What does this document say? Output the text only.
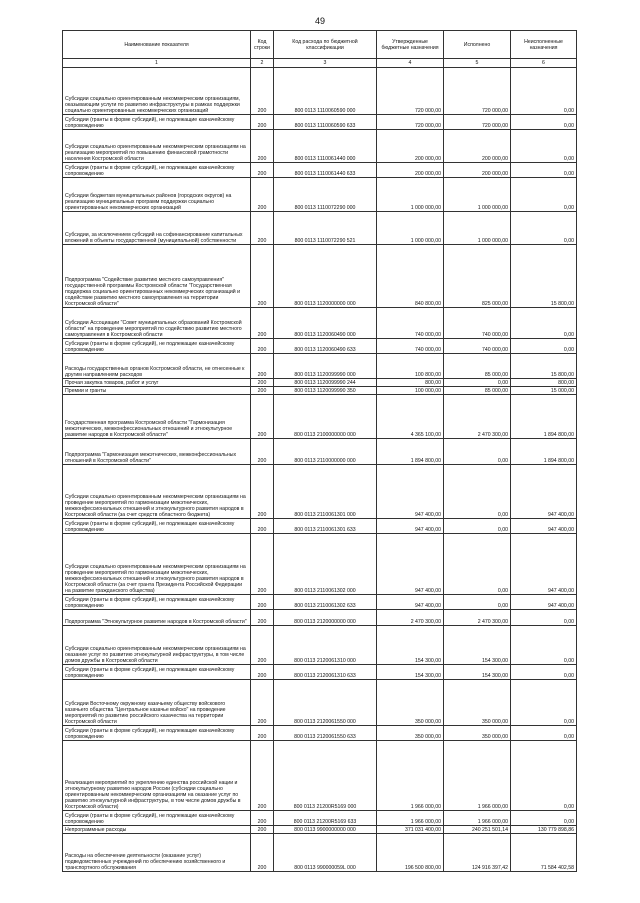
49
Наименование показателя	Код строки	Код расхода по бюджетной классификации	Утвержденные бюджетные назначения	Исполнено	Неисполненные назначения
1	2	3	4	5	6
Субсидии социально ориентированным некоммерческим организациям, оказывающим услуги по развитию инфраструктуры в рамках поддержки социально ориентированных некоммерческих организаций	200	800 0113 1110060590 000	720 000,00	720 000,00	0,00
Субсидии (гранты в форме субсидий), не подлежащие казначейскому сопровождению	200	800 0113 1110060590 633	720 000,00	720 000,00	0,00
Субсидии социально ориентированным некоммерческим организациям на реализацию мероприятий по повышению финансовой грамотности населения Костромской области	200	800 0113 1110061440 000	200 000,00	200 000,00	0,00
Субсидии (гранты в форме субсидий), не подлежащие казначейскому сопровождению	200	800 0113 1110061440 633	200 000,00	200 000,00	0,00
Субсидии бюджетам муниципальных районов (городских округов) на реализацию муниципальных программ поддержки социально ориентированных некоммерческих организаций	200	800 0113 1110072290 000	1 000 000,00	1 000 000,00	0,00
Субсидии, за исключением субсидий на софинансирование капитальных вложений в объекты государственной (муниципальной) собственности	200	800 0113 1110072290 521	1 000 000,00	1 000 000,00	0,00
Подпрограмма "Содействие развитию местного самоуправления" государственной программы Костромской области "Государственная поддержка социально ориентированных некоммерческих организаций и содействие развитию местного самоуправления на территории Костромской области"	200	800 0113 1120000000 000	840 800,00	825 000,00	15 800,00
Субсидии Ассоциации "Совет муниципальных образований Костромской области" на проведение мероприятий по содействию развитию местного самоуправления в Костромской области	200	800 0113 1120060490 000	740 000,00	740 000,00	0,00
Субсидии (гранты в форме субсидий), не подлежащие казначейскому сопровождению	200	800 0113 1120060490 633	740 000,00	740 000,00	0,00
Расходы государственных органов Костромской области, не отнесенные к другим направлениям расходов	200	800 0113 1120099990 000	100 800,00	85 000,00	15 800,00
Прочая закупка товаров, работ и услуг	200	800 0113 1120099990 244	800,00	0,00	800,00
Премии и гранты	200	800 0113 1120099990 350	100 000,00	85 000,00	15 000,00
Государственная программа Костромской области "Гармонизация межэтнических, межконфессиональных отношений и этнокультурное развитие народов в Костромской области"	200	800 0113 2100000000 000	4 365 100,00	2 470 300,00	1 894 800,00
Подпрограмма "Гармонизация межэтнических, межконфессиональных отношений в Костромской области"	200	800 0113 2110000000 000	1 894 800,00	0,00	1 894 800,00
Субсидии социально ориентированным некоммерческим организациям на проведение мероприятий по гармонизации межэтнических, межконфессиональных отношений и этнокультурного развития народов в Костромской области (за счет средств областного бюджета)	200	800 0113 2110061301 000	947 400,00	0,00	947 400,00
Субсидии (гранты в форме субсидий), не подлежащие казначейскому сопровождению	200	800 0113 2110061301 633	947 400,00	0,00	947 400,00
Субсидии социально ориентированным некоммерческим организациям на проведение мероприятий по гармонизации межэтнических, межконфессиональных отношений и этнокультурного развития народов в Костромской области (за счет гранта Президента Российской Федерации на развитие гражданского общества)	200	800 0113 2110061302 000	947 400,00	0,00	947 400,00
Субсидии (гранты в форме субсидий), не подлежащие казначейскому сопровождению	200	800 0113 2110061302 633	947 400,00	0,00	947 400,00
Подпрограмма "Этнокультурное развитие народов в Костромской области"	200	800 0113 2120000000 000	2 470 300,00	2 470 300,00	0,00
Субсидии социально ориентированным некоммерческим организациям на оказание услуг по развитию этнокультурной инфраструктуры, в том числе домов дружбы в Костромской области	200	800 0113 2120061310 000	154 300,00	154 300,00	0,00
Субсидии (гранты в форме субсидий), не подлежащие казначейскому сопровождению	200	800 0113 2120061310 633	154 300,00	154 300,00	0,00
Субсидии Восточному окружному казачьему обществу войскового казачьего общества "Центральное казачье войско" на проведение мероприятий по развитию российского казачества на территории Костромской области	200	800 0113 2120061550 000	350 000,00	350 000,00	0,00
Субсидии (гранты в форме субсидий), не подлежащие казначейскому сопровождению	200	800 0113 2120061550 633	350 000,00	350 000,00	0,00
Реализация мероприятий по укреплению единства российской нации и этнокультурному развитию народов России (субсидии социально ориентированным некоммерческим организациям на оказание услуг по развитию этнокультурной инфраструктуры, в том числе домов дружбы в Костромской области)	200	800 0113 21200R5169 000	1 966 000,00	1 966 000,00	0,00
Субсидии (гранты в форме субсидий), не подлежащие казначейскому сопровождению	200	800 0113 21200R5169 633	1 966 000,00	1 966 000,00	0,00
Непрограммные расходы	200	800 0113 9900000000 000	371 031 400,00	240 251 501,14	130 779 898,86
Расходы на обеспечение деятельности (оказание услуг) подведомственных учреждений по обеспечению хозяйственного и транспортного обслуживания	200	800 0113 990000059L 000	196 500 800,00	124 916 397,42	71 584 402,58
